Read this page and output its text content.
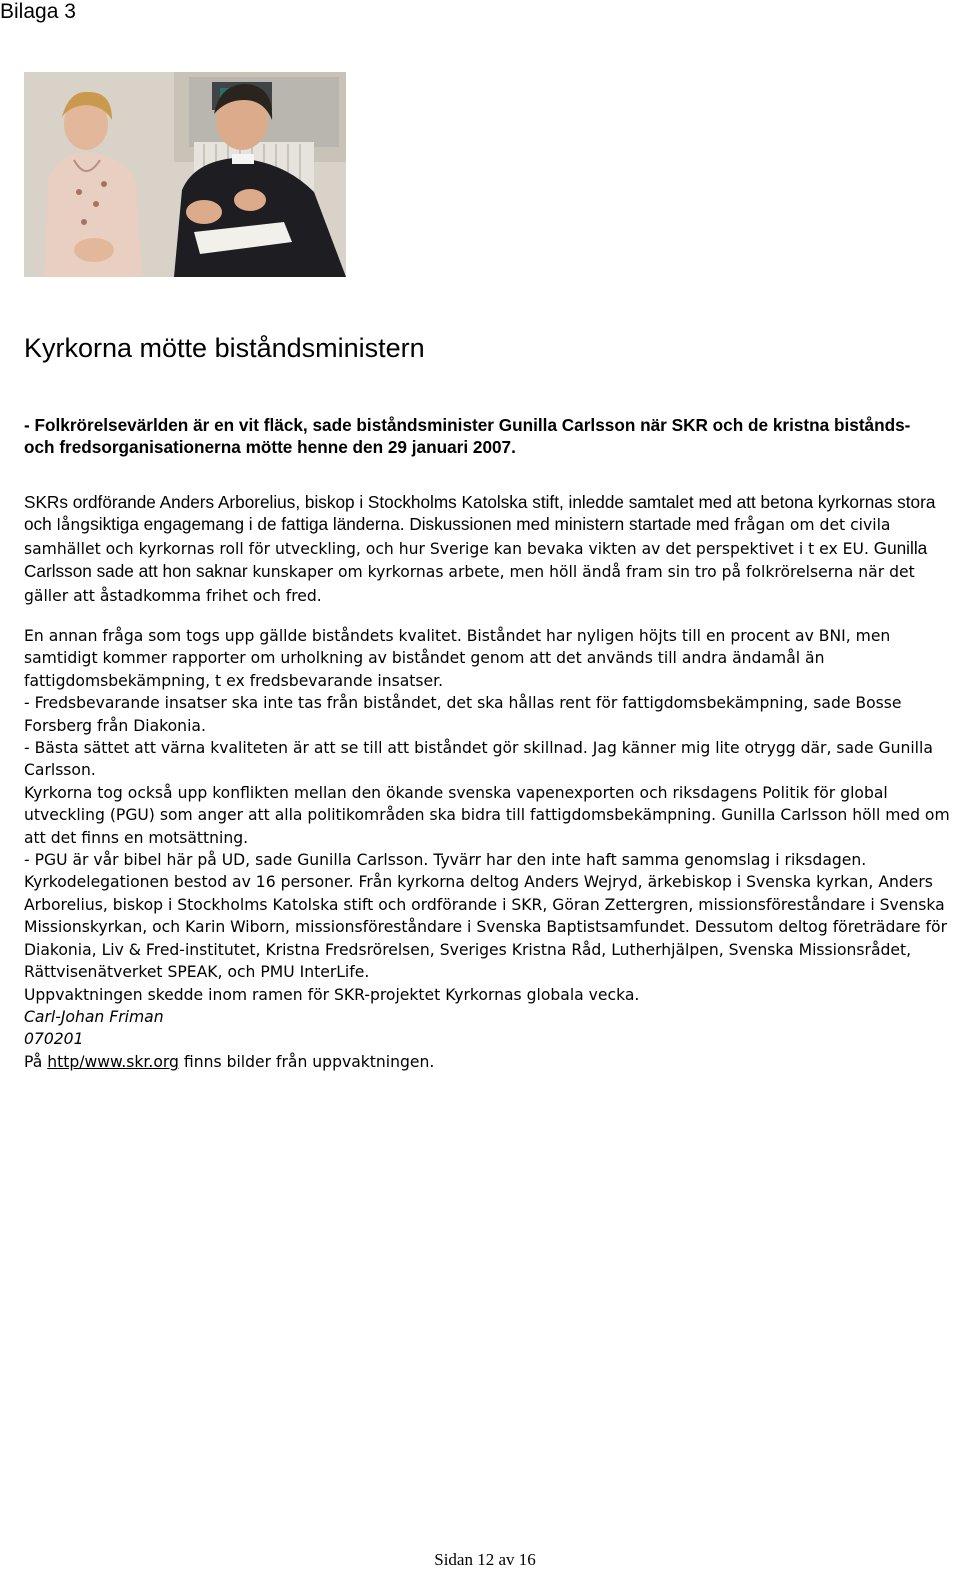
Bilaga 3
Kyrkorna mötte biståndsministern

- Folkrörelsevärlden är en vit fläck, sade biståndsminister Gunilla Carlsson när SKR och de kristna bistånds- och fredsorganisationerna mötte henne den 29 januari 2007.

SKRs ordförande Anders Arborelius, biskop i Stockholms Katolska stift, inledde samtalet med att betona kyrkornas stora och långsiktiga engagemang i de fattiga länderna. Diskussionen med ministern startade med frågan om det civila samhället och kyrkornas roll för utveckling, och hur Sverige kan bevaka vikten av det perspektivet i t ex EU. Gunilla Carlsson sade att hon saknar kunskaper om kyrkornas arbete, men höll ändå fram sin tro på folkrörelserna när det gäller att åstadkomma frihet och fred.

En annan fråga som togs upp gällde biståndets kvalitet. Biståndet har nyligen höjts till en procent av BNI, men samtidigt kommer rapporter om urholkning av biståndet genom att det används till andra ändamål än fattigdomsbekämpning, t ex fredsbevarande insatser.

- Fredsbevarande insatser ska inte tas från biståndet, det ska hållas rent för fattigdomsbekämpning, sade Bosse Forsberg från Diakonia.

- Bästa sättet att värna kvaliteten är att se till att biståndet gör skillnad. Jag känner mig lite otrygg där, sade Gunilla Carlsson.

Kyrkorna tog också upp konflikten mellan den ökande svenska vapenexporten och riksdagens Politik för global utveckling (PGU) som anger att alla politikområden ska bidra till fattigdomsbekämpning. Gunilla Carlsson höll med om att det finns en motsättning.

- PGU är vår bibel här på UD, sade Gunilla Carlsson. Tyvärr har den inte haft samma genomslag i riksdagen.

Kyrkodelegationen bestod av 16 personer. Från kyrkorna deltog Anders Wejryd, ärkebiskop i Svenska kyrkan, Anders Arborelius, biskop i Stockholms Katolska stift och ordförande i SKR, Göran Zettergren, missionsföreståndare i Svenska Missionskyrkan, och Karin Wiborn, missionsföreståndare i Svenska Baptistsamfundet. Dessutom deltog företrädare för Diakonia, Liv & Fred-institutet, Kristna Fredsrörelsen, Sveriges Kristna Råd, Lutherhjälpen, Svenska Missionsrådet, Rättvisenätverket SPEAK, och PMU InterLife.

Uppvaktningen skedde inom ramen för SKR-projektet Kyrkornas globala vecka.

Carl-Johan Friman

070201

På http/www.skr.org finns bilder från uppvaktningen.

Sidan 12 av 16
